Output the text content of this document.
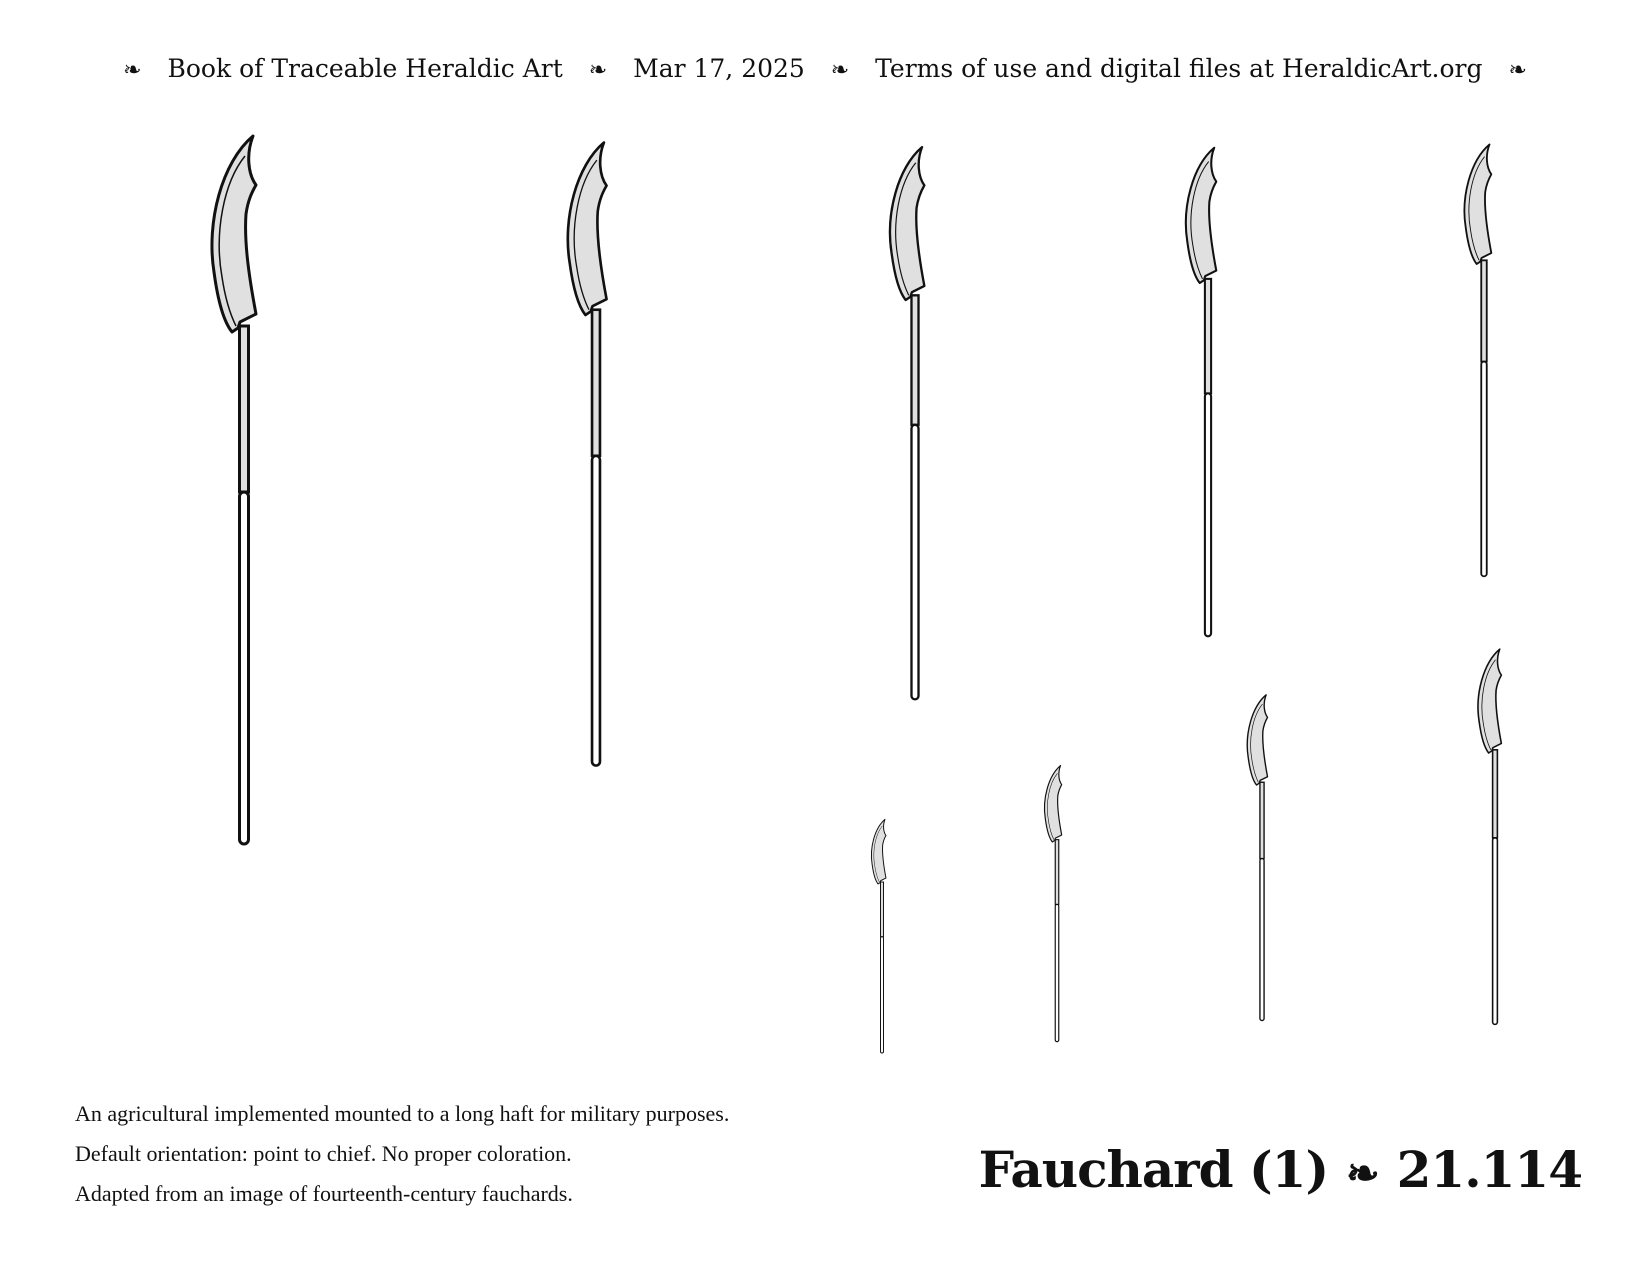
❧ Book of Traceable Heraldic Art ❧ Mar 17, 2025 ❧ Terms of use and digital files at HeraldicArt.org ❧
An agricultural implemented mounted to a long haft for military purposes.
Default orientation: point to chief. No proper coloration.
Adapted from an image of fourteenth-century fauchards.	Fauchard (1) ❧ 21.114
